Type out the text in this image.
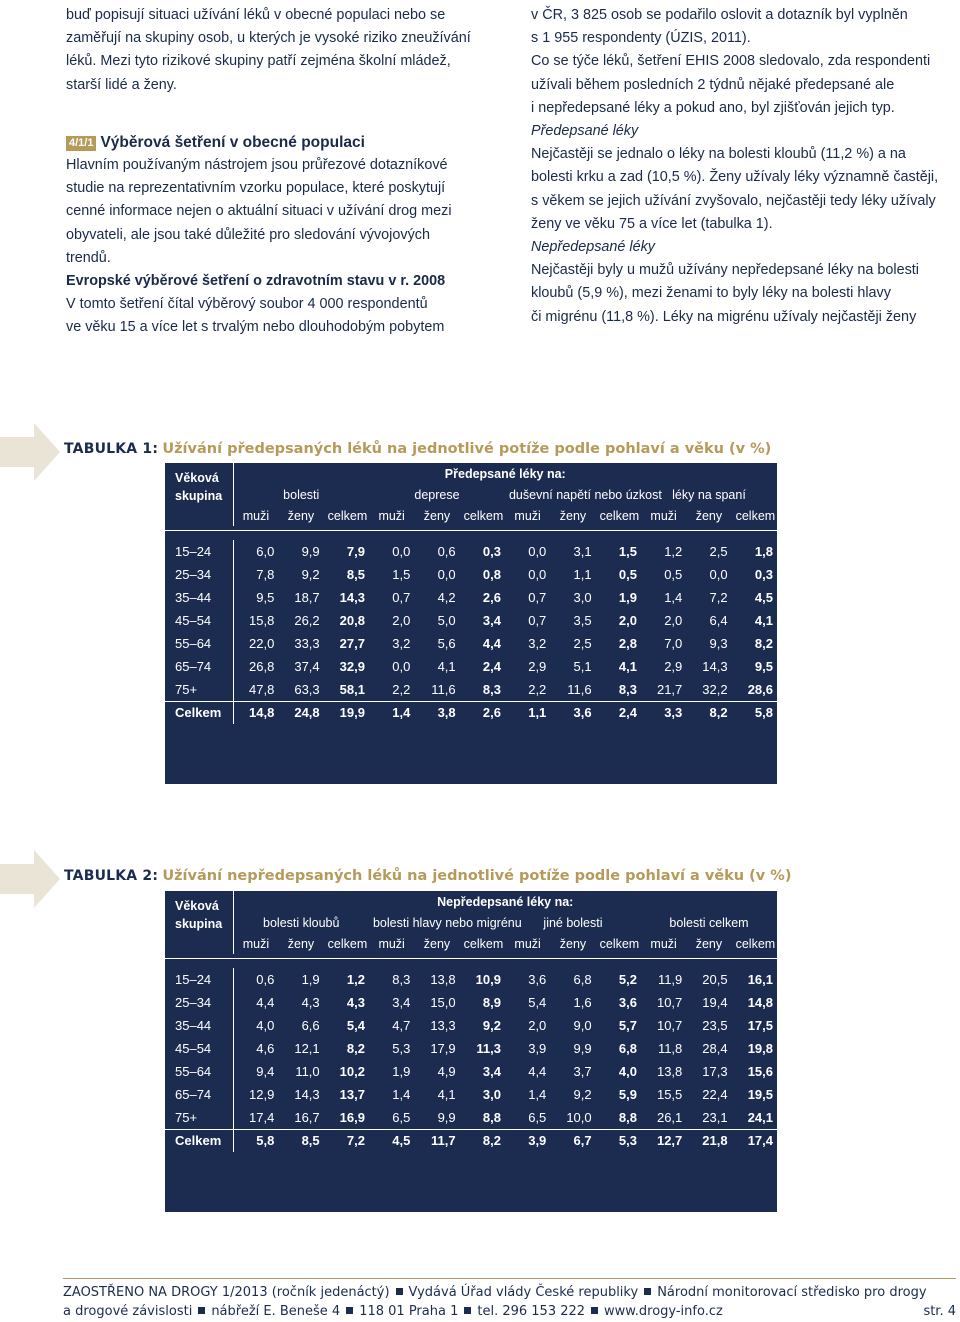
buď popisují situaci užívání léků v obecné populaci nebo se

zaměřují na skupiny osob, u kterých je vysoké riziko zneužívání

léků. Mezi tyto rizikové skupiny patří zejména školní mládež,

starší lidé a ženy.

4/1/1 Výběrová šetření v obecné populaci

Hlavním používaným nástrojem jsou průřezové dotazníkové

studie na reprezentativním vzorku populace, které poskytují

cenné informace nejen o aktuální situaci v užívání drog mezi

obyvateli, ale jsou také důležité pro sledování vývojových

trendů.

Evropské výběrové šetření o zdravotním stavu v r. 2008

V tomto šetření čítal výběrový soubor 4 000 respondentů

ve věku 15 a více let s trvalým nebo dlouhodobým pobytem

v ČR, 3 825 osob se podařilo oslovit a dotazník byl vyplněn

s 1 955 respondenty (ÚZIS, 2011).

Co se týče léků, šetření EHIS 2008 sledovalo, zda respondenti

užívali během posledních 2 týdnů nějaké předepsané ale

i nepředepsané léky a pokud ano, byl zjišťován jejich typ.

Předepsané léky

Nejčastěji se jednalo o léky na bolesti kloubů (11,2 %) a na

bolesti krku a zad (10,5 %). Ženy užívaly léky významně častěji,

s věkem se jejich užívání zvyšovalo, nejčastěji tedy léky užívaly

ženy ve věku 75 a více let (tabulka 1).

Nepředepsané léky

Nejčastěji byly u mužů užívány nepředepsané léky na bolesti

kloubů (5,9 %), mezi ženami to byly léky na bolesti hlavy

či migrénu (11,8 %). Léky na migrénu užívaly nejčastěji ženy

TABULKA 1: Užívání předepsaných léků na jednotlivé potíže podle pohlaví a věku (v %)
Věková
skupina	Předepsané léky na:											
	bolesti			deprese			duševní napětí nebo úzkost			léky na spaní		
	muži	ženy	celkem	muži	ženy	celkem	muži	ženy	celkem	muži	ženy	celkem

15–24	6,0	9,9	7,9	0,0	0,6	0,3	0,0	3,1	1,5	1,2	2,5	1,8
25–34	7,8	9,2	8,5	1,5	0,0	0,8	0,0	1,1	0,5	0,5	0,0	0,3
35–44	9,5	18,7	14,3	0,7	4,2	2,6	0,7	3,0	1,9	1,4	7,2	4,5
45–54	15,8	26,2	20,8	2,0	5,0	3,4	0,7	3,5	2,0	2,0	6,4	4,1
55–64	22,0	33,3	27,7	3,2	5,6	4,4	3,2	2,5	2,8	7,0	9,3	8,2
65–74	26,8	37,4	32,9	0,0	4,1	2,4	2,9	5,1	4,1	2,9	14,3	9,5
75+	47,8	63,3	58,1	2,2	11,6	8,3	2,2	11,6	8,3	21,7	32,2	28,6
Celkem	14,8	24,8	19,9	1,4	3,8	2,6	1,1	3,6	2,4	3,3	8,2	5,8
TABULKA 2: Užívání nepředepsaných léků na jednotlivé potíže podle pohlaví a věku (v %)
Věková
skupina	Nepředepsané léky na:											
	bolesti kloubů			bolesti hlavy nebo migrénu			jiné bolesti			bolesti celkem		
	muži	ženy	celkem	muži	ženy	celkem	muži	ženy	celkem	muži	ženy	celkem

15–24	0,6	1,9	1,2	8,3	13,8	10,9	3,6	6,8	5,2	11,9	20,5	16,1
25–34	4,4	4,3	4,3	3,4	15,0	8,9	5,4	1,6	3,6	10,7	19,4	14,8
35–44	4,0	6,6	5,4	4,7	13,3	9,2	2,0	9,0	5,7	10,7	23,5	17,5
45–54	4,6	12,1	8,2	5,3	17,9	11,3	3,9	9,9	6,8	11,8	28,4	19,8
55–64	9,4	11,0	10,2	1,9	4,9	3,4	4,4	3,7	4,0	13,8	17,3	15,6
65–74	12,9	14,3	13,7	1,4	4,1	3,0	1,4	9,2	5,9	15,5	22,4	19,5
75+	17,4	16,7	16,9	6,5	9,9	8,8	6,5	10,0	8,8	26,1	23,1	24,1
Celkem	5,8	8,5	7,2	4,5	11,7	8,2	3,9	6,7	5,3	12,7	21,8	17,4
ZAOSTŘENO NA DROGY 1/2013 (ročník jedenáctý) Vydává Úřad vlády České republiky Národní monitorovací středisko pro drogy
a drogové závislosti nábřeží E. Beneše 4 118 01 Praha 1 tel. 296 153 222 www.drogy-info.cz	str. 4
